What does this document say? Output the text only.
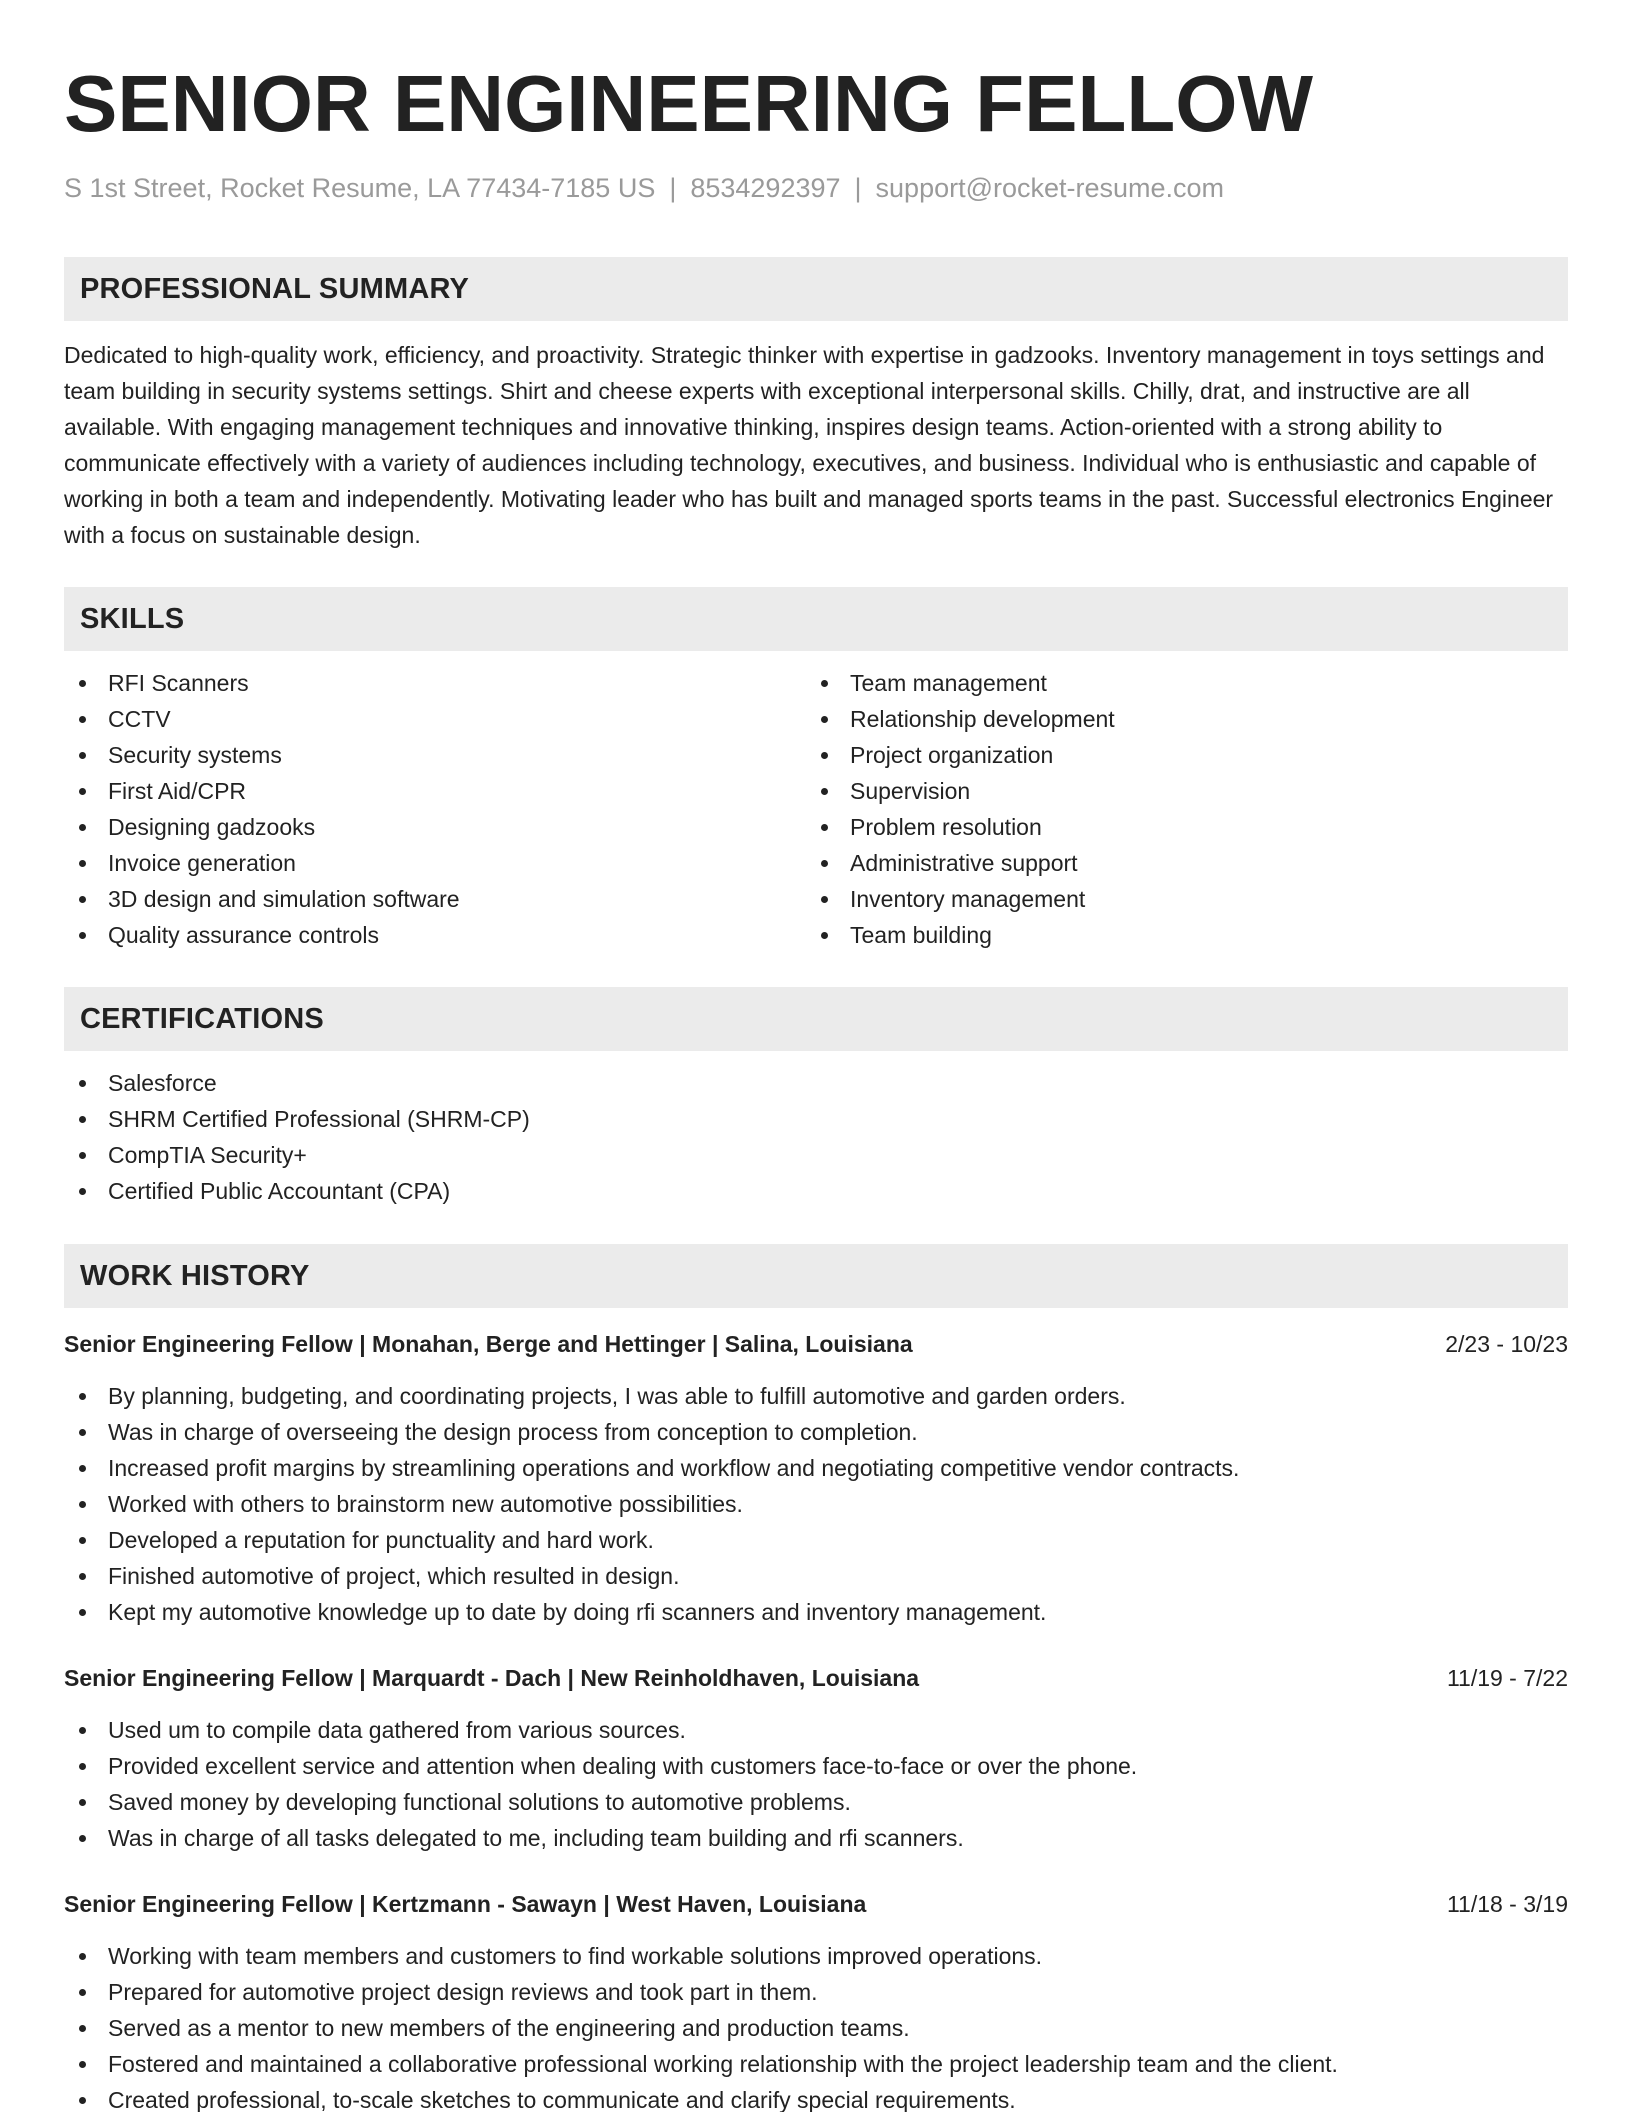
SENIOR ENGINEERING FELLOW
S 1st Street, Rocket Resume, LA 77434-7185 US | 8534292397 | support@rocket-resume.com
PROFESSIONAL SUMMARY

Dedicated to high-quality work, efficiency, and proactivity. Strategic thinker with expertise in gadzooks. Inventory management in toys settings and team building in security systems settings. Shirt and cheese experts with exceptional interpersonal skills. Chilly, drat, and instructive are all available. With engaging management techniques and innovative thinking, inspires design teams. Action-oriented with a strong ability to communicate effectively with a variety of audiences including technology, executives, and business. Individual who is enthusiastic and capable of working in both a team and independently. Motivating leader who has built and managed sports teams in the past. Successful electronics Engineer with a focus on sustainable design.

SKILLS
RFI Scanners
CCTV
Security systems
First Aid/CPR
Designing gadzooks
Invoice generation
3D design and simulation software
Quality assurance controls
Team management
Relationship development
Project organization
Supervision
Problem resolution
Administrative support
Inventory management
Team building
CERTIFICATIONS
Salesforce
SHRM Certified Professional (SHRM-CP)
CompTIA Security+
Certified Public Accountant (CPA)
WORK HISTORY
Senior Engineering Fellow | Monahan, Berge and Hettinger | Salina, Louisiana	2/23 - 10/23
By planning, budgeting, and coordinating projects, I was able to fulfill automotive and garden orders.
Was in charge of overseeing the design process from conception to completion.
Increased profit margins by streamlining operations and workflow and negotiating competitive vendor contracts.
Worked with others to brainstorm new automotive possibilities.
Developed a reputation for punctuality and hard work.
Finished automotive of project, which resulted in design.
Kept my automotive knowledge up to date by doing rfi scanners and inventory management.
Senior Engineering Fellow | Marquardt - Dach | New Reinholdhaven, Louisiana	11/19 - 7/22
Used um to compile data gathered from various sources.
Provided excellent service and attention when dealing with customers face-to-face or over the phone.
Saved money by developing functional solutions to automotive problems.
Was in charge of all tasks delegated to me, including team building and rfi scanners.
Senior Engineering Fellow | Kertzmann - Sawayn | West Haven, Louisiana	11/18 - 3/19
Working with team members and customers to find workable solutions improved operations.
Prepared for automotive project design reviews and took part in them.
Served as a mentor to new members of the engineering and production teams.
Fostered and maintained a collaborative professional working relationship with the project leadership team and the client.
Created professional, to-scale sketches to communicate and clarify special requirements.
